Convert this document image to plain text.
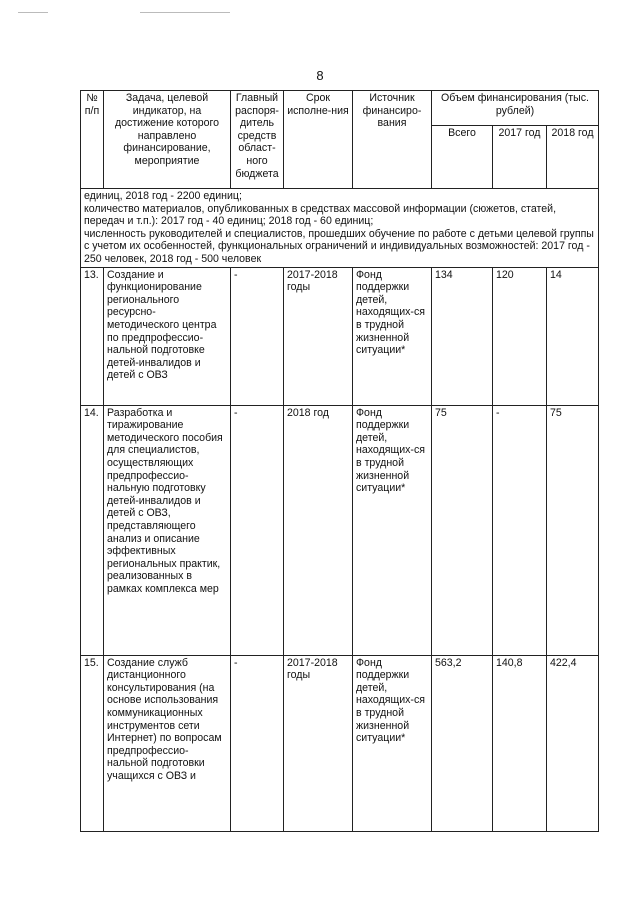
8
№ п/п	Задача, целевой индикатор, на достижение которого направлено финансирование, мероприятие	Главный распоря-дитель средств област-ного бюджета	Срок исполне-ния	Источник финансиро-вания	Объем финансирования (тыс. рублей)		
					Всего	2017 год	2018 год
единиц, 2018 год - 2200 единиц;
количество материалов, опубликованных в средствах массовой информации (сюжетов, статей, передач и т.п.): 2017 год - 40 единиц; 2018 год - 60 единиц;
численность руководителей и специалистов, прошедших обучение по работе с детьми целевой группы с учетом их особенностей, функциональных ограничений и индивидуальных возможностей: 2017 год - 250 человек, 2018 год - 500 человек							
13.	Создание и функционирование регионального ресурсно-методического центра по предпрофессио-нальной подготовке детей-инвалидов и детей с ОВЗ	-	2017-2018 годы	Фонд поддержки детей, находящих-ся в трудной жизненной ситуации*	134	120	14
14.	Разработка и тиражирование методического пособия для специалистов, осуществляющих предпрофессио-нальную подготовку детей-инвалидов и детей с ОВЗ, представляющего анализ и описание эффективных региональных практик, реализованных в рамках комплекса мер	-	2018 год	Фонд поддержки детей, находящих-ся в трудной жизненной ситуации*	75	-	75
15.	Создание служб дистанционного консультирования (на основе использования коммуникационных инструментов сети Интернет) по вопросам предпрофессио-нальной подготовки учащихся с ОВЗ и	-	2017-2018 годы	Фонд поддержки детей, находящих-ся в трудной жизненной ситуации*	563,2	140,8	422,4
